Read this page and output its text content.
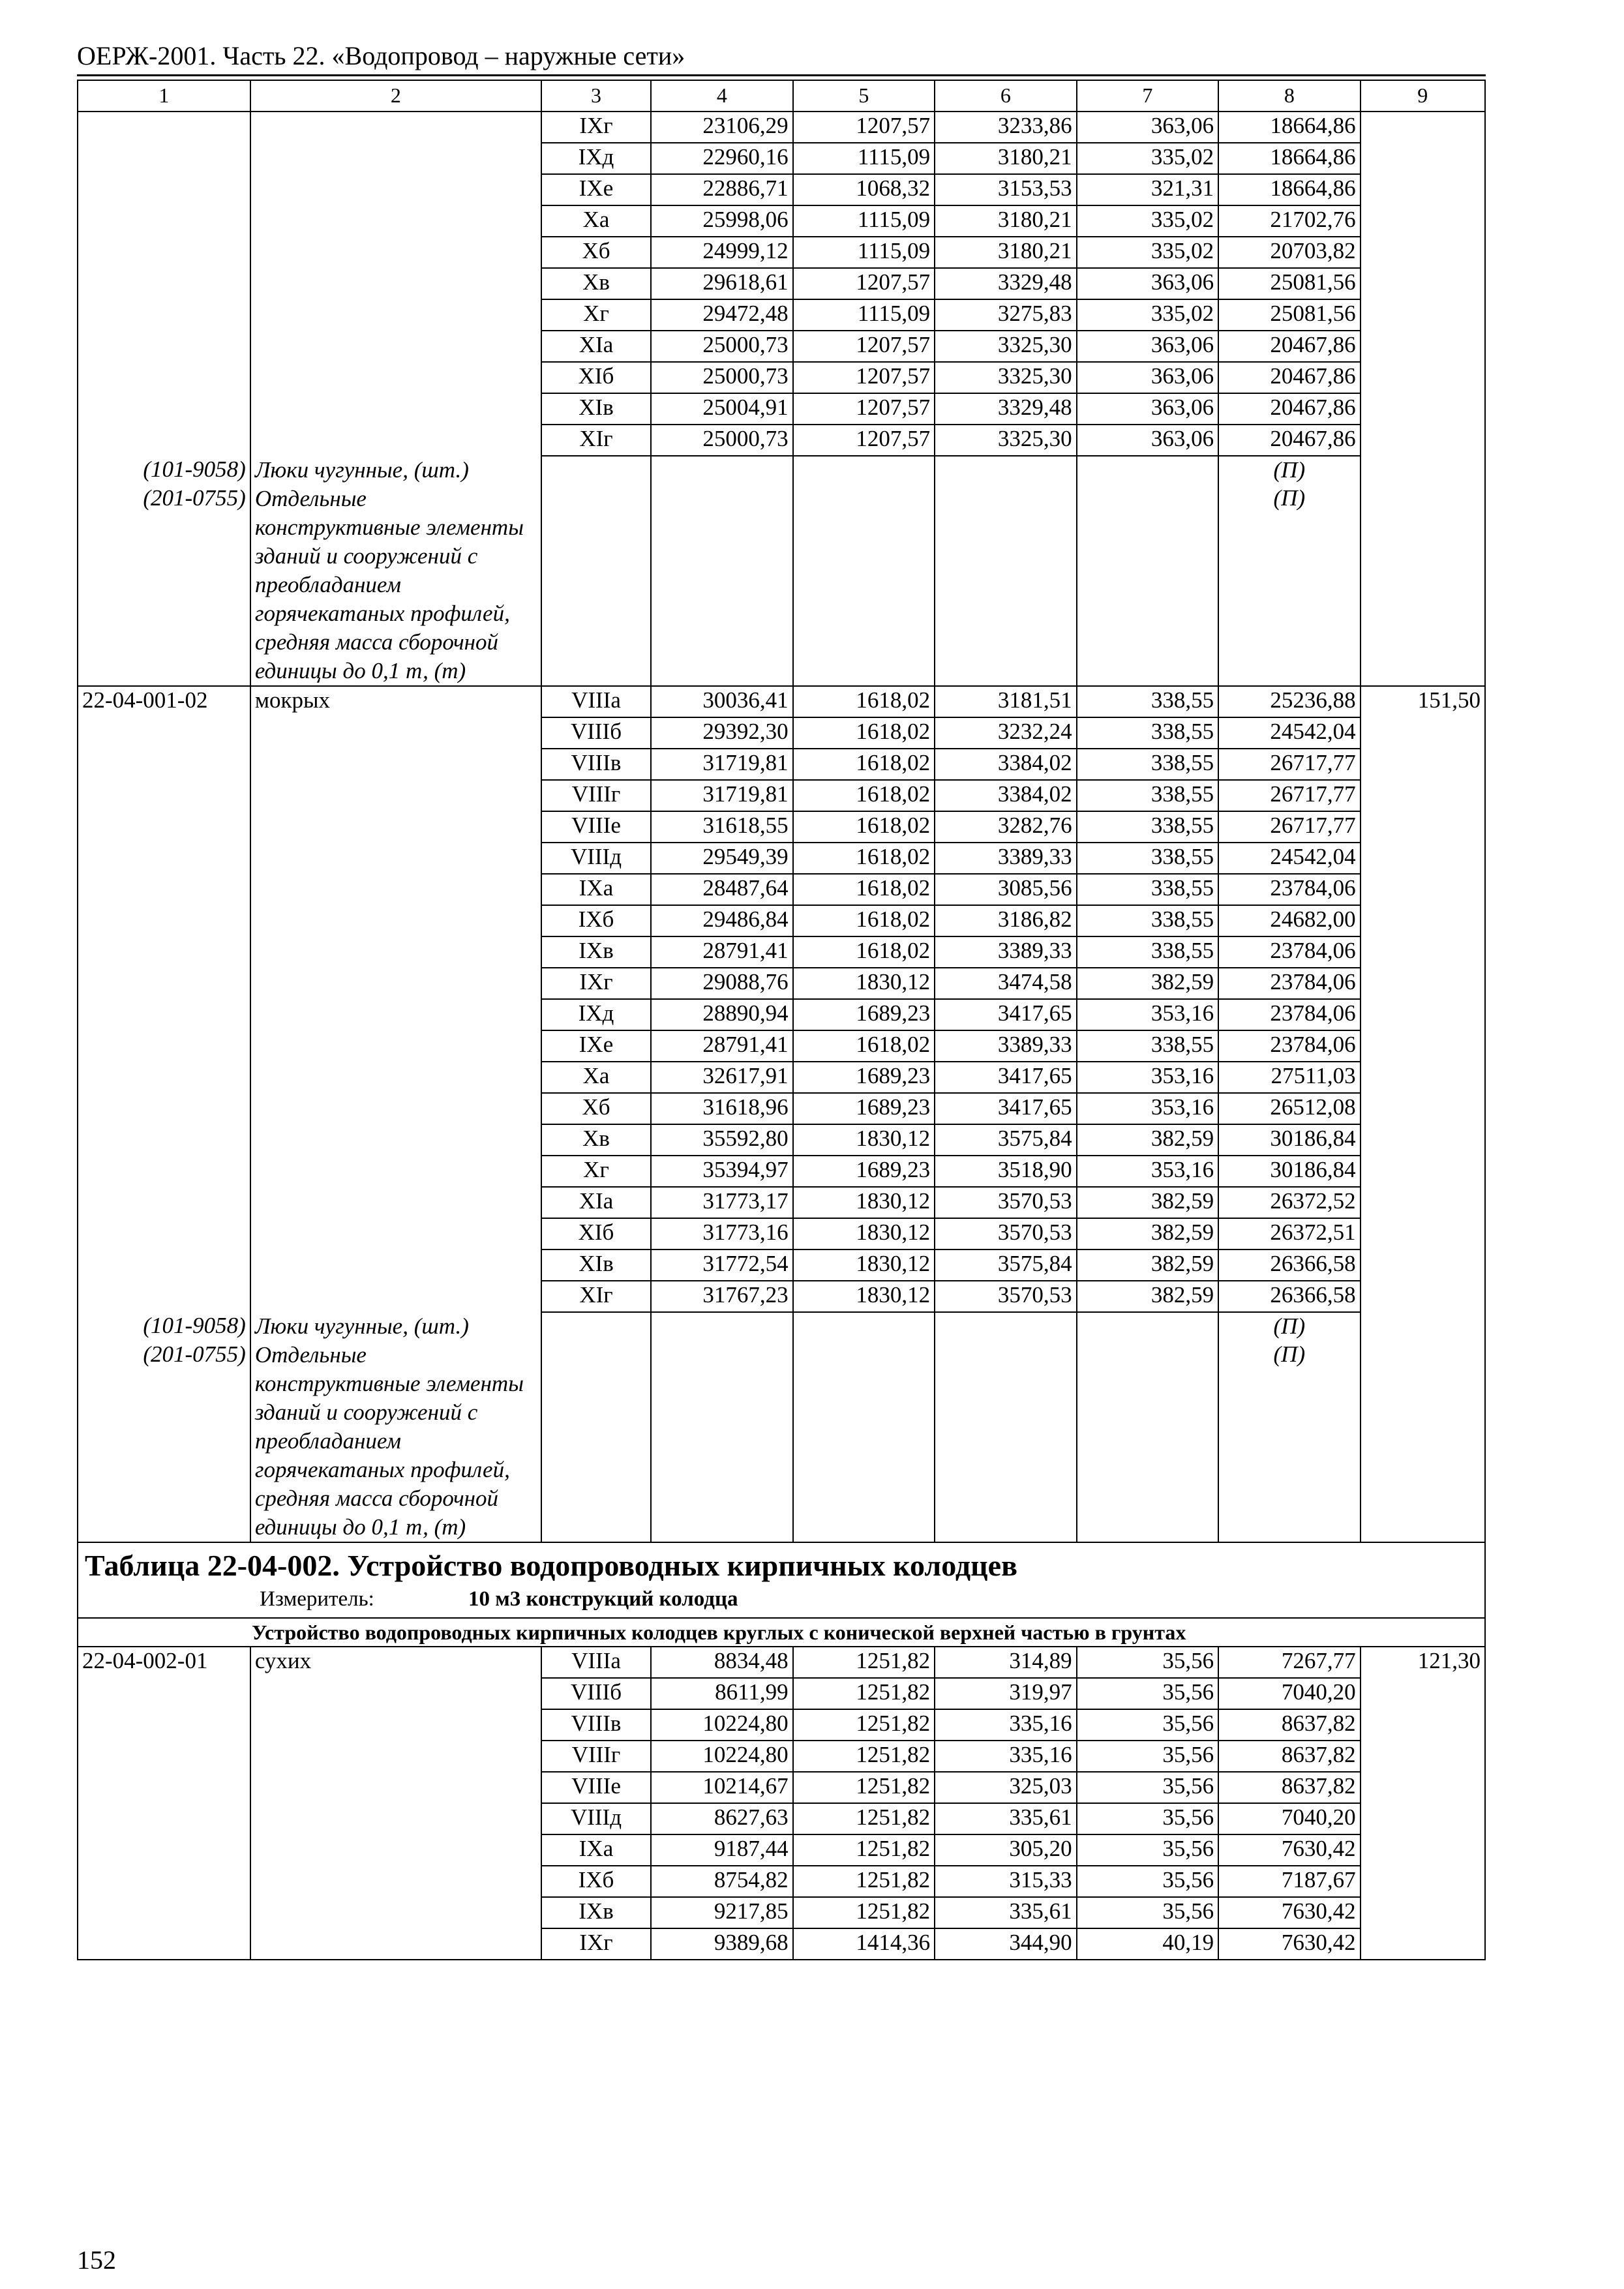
ОЕРЖ-2001. Часть 22. «Водопровод – наружные сети»
1	2	3	4	5	6	7	8	9
		IXг	23106,29	1207,57	3233,86	363,06	18664,86	
		IXд	22960,16	1115,09	3180,21	335,02	18664,86	
		IXе	22886,71	1068,32	3153,53	321,31	18664,86	
		Xа	25998,06	1115,09	3180,21	335,02	21702,76	
		Xб	24999,12	1115,09	3180,21	335,02	20703,82	
		Xв	29618,61	1207,57	3329,48	363,06	25081,56	
		Xг	29472,48	1115,09	3275,83	335,02	25081,56	
		XIа	25000,73	1207,57	3325,30	363,06	20467,86	
		XIб	25000,73	1207,57	3325,30	363,06	20467,86	
		XIв	25004,91	1207,57	3329,48	363,06	20467,86	
		XIг	25000,73	1207,57	3325,30	363,06	20467,86	
(101-9058)	Люки чугунные, (шт.)						(П)	
(201-0755)	Отдельные конструктивные элементы зданий и сооружений с преобладанием горячекатаных профилей, средняя масса сборочной единицы до 0,1 т, (т)						(П)	
22-04-001-02	мокрых	VIIIа	30036,41	1618,02	3181,51	338,55	25236,88	151,50
		VIIIб	29392,30	1618,02	3232,24	338,55	24542,04	
		VIIIв	31719,81	1618,02	3384,02	338,55	26717,77	
		VIIIг	31719,81	1618,02	3384,02	338,55	26717,77	
		VIIIе	31618,55	1618,02	3282,76	338,55	26717,77	
		VIIIд	29549,39	1618,02	3389,33	338,55	24542,04	
		IXа	28487,64	1618,02	3085,56	338,55	23784,06	
		IXб	29486,84	1618,02	3186,82	338,55	24682,00	
		IXв	28791,41	1618,02	3389,33	338,55	23784,06	
		IXг	29088,76	1830,12	3474,58	382,59	23784,06	
		IXд	28890,94	1689,23	3417,65	353,16	23784,06	
		IXе	28791,41	1618,02	3389,33	338,55	23784,06	
		Xа	32617,91	1689,23	3417,65	353,16	27511,03	
		Xб	31618,96	1689,23	3417,65	353,16	26512,08	
		Xв	35592,80	1830,12	3575,84	382,59	30186,84	
		Xг	35394,97	1689,23	3518,90	353,16	30186,84	
		XIа	31773,17	1830,12	3570,53	382,59	26372,52	
		XIб	31773,16	1830,12	3570,53	382,59	26372,51	
		XIв	31772,54	1830,12	3575,84	382,59	26366,58	
		XIг	31767,23	1830,12	3570,53	382,59	26366,58	
(101-9058)	Люки чугунные, (шт.)						(П)	
(201-0755)	Отдельные конструктивные элементы зданий и сооружений с преобладанием горячекатаных профилей, средняя масса сборочной единицы до 0,1 т, (т)						(П)	

Таблица 22-04-002. Устройство водопроводных кирпичных колодцев
Измеритель: 10 м3 конструкций колодца								

Устройство водопроводных кирпичных колодцев круглых с конической верхней частью в грунтах								
22-04-002-01	сухих	VIIIа	8834,48	1251,82	314,89	35,56	7267,77	121,30
		VIIIб	8611,99	1251,82	319,97	35,56	7040,20	
		VIIIв	10224,80	1251,82	335,16	35,56	8637,82	
		VIIIг	10224,80	1251,82	335,16	35,56	8637,82	
		VIIIе	10214,67	1251,82	325,03	35,56	8637,82	
		VIIIд	8627,63	1251,82	335,61	35,56	7040,20	
		IXа	9187,44	1251,82	305,20	35,56	7630,42	
		IXб	8754,82	1251,82	315,33	35,56	7187,67	
		IXв	9217,85	1251,82	335,61	35,56	7630,42	
		IXг	9389,68	1414,36	344,90	40,19	7630,42	
152
